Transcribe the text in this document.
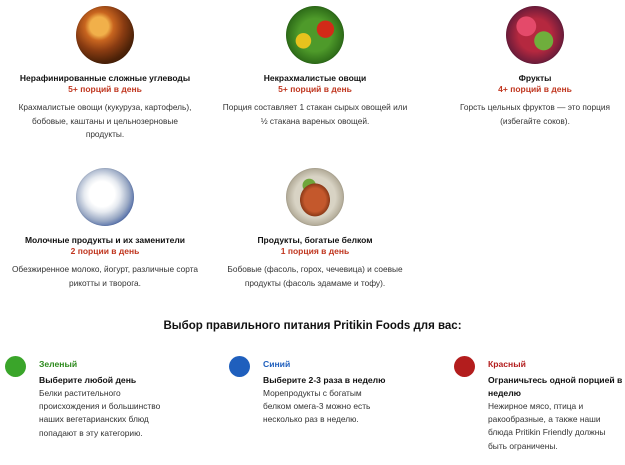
Нерафинированные сложные углеводы
5+ порций в день
Крахмалистые овощи (кукуруза, картофель),
бобовые, каштаны и цельнозерновые
продукты.
Некрахмалистые овощи
5+ порций в день
Порция составляет 1 стакан сырых овощей или
½ стакана вареных овощей.
Фрукты
4+ порций в день
Горсть цельных фруктов — это порция
(избегайте соков).
Молочные продукты и их заменители
2 порции в день
Обезжиренное молоко, йогурт, различные сорта
рикотты и творога.
Продукты, богатые белком
1 порция в день
Бобовые (фасоль, горох, чечевица) и соевые
продукты (фасоль эдамаме и тофу).
Выбор правильного питания Pritikin Foods для вас:
Зеленый
Выберите любой день
Белки растительного
происхождения и большинство
наших вегетарианских блюд
попадают в эту категорию.
Синий
Выберите 2-3 раза в неделю
Морепродукты с богатым
белком омега-3 можно есть
несколько раз в неделю.
Красный
Ограничьтесь одной порцией в
неделю
Нежирное мясо, птица и
ракообразные, а также наши
блюда Pritikin Friendly должны
быть ограничены.
